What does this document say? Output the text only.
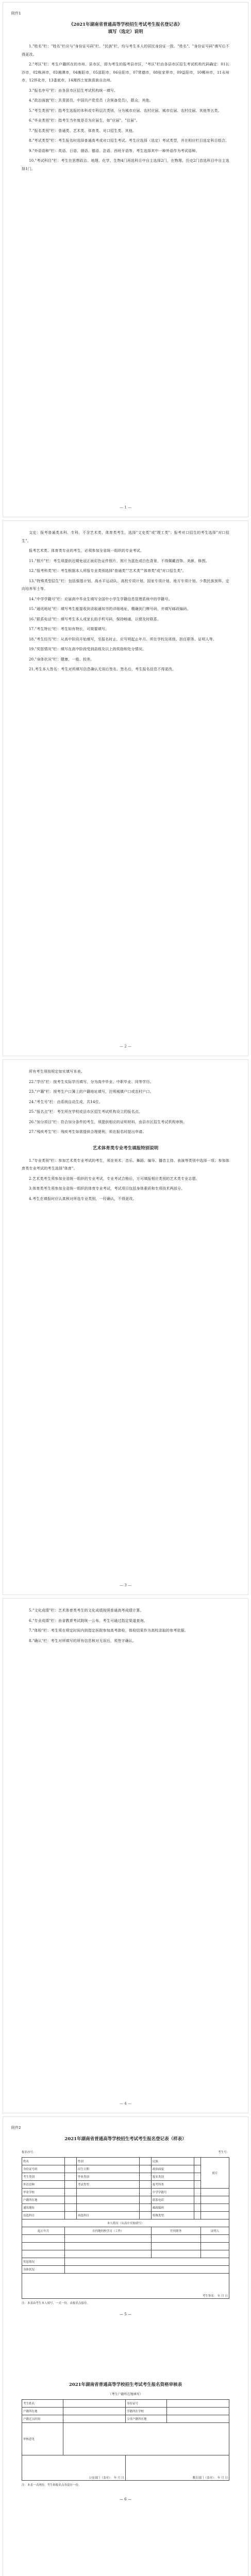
附件1
《2021年湖南省普通高等学校招生考试考生报名登记表》
填写（选定）说明

1."姓名"栏："姓名"栏应与"身份证号码"栏、"民族"栏，均与考生本人的居民身份证一致。"姓名"、"身份证号码"填写后不得更改。

2."考区"栏：考生户籍所在的市州、县市区，即为考生的报考县市区，"考区"栏由各县市区招生考试机构代码确定：01长沙市，02株洲市，03湘潭市，04衡阳市，05邵阳市，06岳阳市，07常德市，08张家界市，09益阳市，10郴州市，11永州市，12怀化市，13娄底市，14湘西土家族苗族自治州。

3."报名序号"栏：由各县市区招生考试机构统一填写。

4."政治面貌"栏：共青团员，中国共产党党员（含预备党员），群众，其他。

5."考生类别"栏：指考生选报的本科或专科层次类别，分为城市应届、农村应届、城市往届、农村往届、其他等五类。

6."毕业类别"栏：指考生当年度是否为应届生，如"应届"、"往届"。

7."报名类别"栏：普通类、艺术类、体育类、对口招生类、其他。

8."考试类型"栏：考生报名时选择普通高考或对口招生考试。考生应选择（选定）考试类型，并在相应栏目选定科目组合。

9."外语语种"栏：英语、日语、俄语、德语、法语、西班牙语等，考生选择其中一种外语作为考试语种。

10."考试科目"栏：考生在思想政治、地理、化学、生物4门再选科目中自主选择2门，在物理、历史2门首选科目中自主选择1门。

— 1 —

文史：报考普通类本科、专科，不含艺术类、体育类考生，选择"文史类"或"理工类"；报考对口招生的考生选择"对口招生"。

报考艺术类、体育类专业的考生，必须参加全省统一组织的专业考试。

11."照片"栏：考生须提供近期免冠正面彩色证件照片，照片为蓝色或白色背景，不得佩戴首饰、美颜、修图。

12."报考科类"栏：考生根据本人所报专业类别选择"普通类""艺术类""体育类"或"对口招生类"。

13."特殊类型招生"栏：包括强基计划、高水平运动队、高校专项计划、国家专项计划、地方专项计划、少数民族预科、定向培养军士等。

14."中学学籍号"栏：应届高中毕业生填写全国中小学生学籍信息管理系统中的学籍号。

15."通讯地址"栏：填写考生能接收到录取通知书的详细地址，精确到门牌号码，并填写邮政编码。

16."联系电话"栏：填写考生本人或家长的手机号码，保持畅通，以便及时联系。

17."考生特长"栏：考生如有特长，可简要填写。

18."考生经历"栏：从高中阶段开始填写，至报名时止，应写明起止年月、所在学校及班级、担任职务、证明人等。

19."奖惩情况"栏：填写在高中阶段受到县级及以上的奖励和处分情况。

20."身体状况"栏：健康、一般、较差。

21.考生本人签名：考生对所填写信息确认无误后签名。签名后，考生报名信息不得更改。

— 2 —

所有考生须按规定如实填写本表。

22."学历"栏：按考生实际学历填写，分为高中毕业、中职毕业、同等学历。

23."户籍"栏：按考生户口簿上的户籍地址填写，注明城镇户口或农村户口。

24."考生号"栏：由系统自动生成，共14位。

25."报名点"栏：考生所在学校或县市区招生考试机构设立的报名点。

26."加分项目"栏：符合加分条件的考生，须提供相应的证明材料，由县市区招生考试机构审核。

27."残疾考生"栏：残疾考生如需提供合理便利，须在报名时提出申请。

艺术体育类专业考生填报特别说明

1."专业类别"栏：参加艺术类专业考试的考生，须在美术、音乐、舞蹈、编导、播音主持、表演等类别中选择一项；参加体育类专业考试的考生选择"体育"。

2.艺术类考生须参加全省统一组织的专业考试，专业考试合格后，方可填报相应类别的艺术类专业志愿。

3.体育类考生须参加全省统一组织的体育专业考试，考试项目包括身体素质和专项技术两部分。

4.考生在填报时应认真核对所选专业类别，一经确认，不得更改。

— 3 —

5."文化成绩"栏：艺术体育类考生的文化成绩按照普通高考成绩计算。

6."专业成绩"栏：由省教育考试院统一公布，考生可通过指定渠道查询。

7."体检"栏：考生须在规定时间内到指定医院参加高考体检，体检结果作为高校录取的参考依据。

8."确认"栏：考生对所填写的所有信息核对无误后，须签字确认。

— 4 —
附件2
2021年湖南省普通高等学校招生考试考生报名登记表（样表）
报名序号：	考生号：
姓名		性别		民族		照片
身份证号码		出生日期		政治面貌		
考生类别		毕业类别		报名类别		
外语语种		考试类型		报考科类		
毕业学校				中学学籍号		
户籍所在地				联系电话		
通讯地址				邮政编码		
首选科目		再选科目		特殊类型		
本人简历（从高中开始填写）						
起止年月	在何地何校学习（工作）			任何职务		证明人

奖惩情况						
身体状况						
考生签名： 年 月 日						
注：本表由考生本人填写，一式一份，由报名点留存。
— 5 —
2021年湖南省普通高等学校招生考试考生报名资格审核表
（考生户籍所在地填写）
考生姓名		身份证号	
户籍所在地		学籍所在学校	
户籍迁入时间		父母户籍所在地	
审核意见			
公安部门（盖章）： 年 月 日		教育部门（盖章）： 年 月 日	
注：本表一式两份，考生和报名点各留存一份。
— 6 —
